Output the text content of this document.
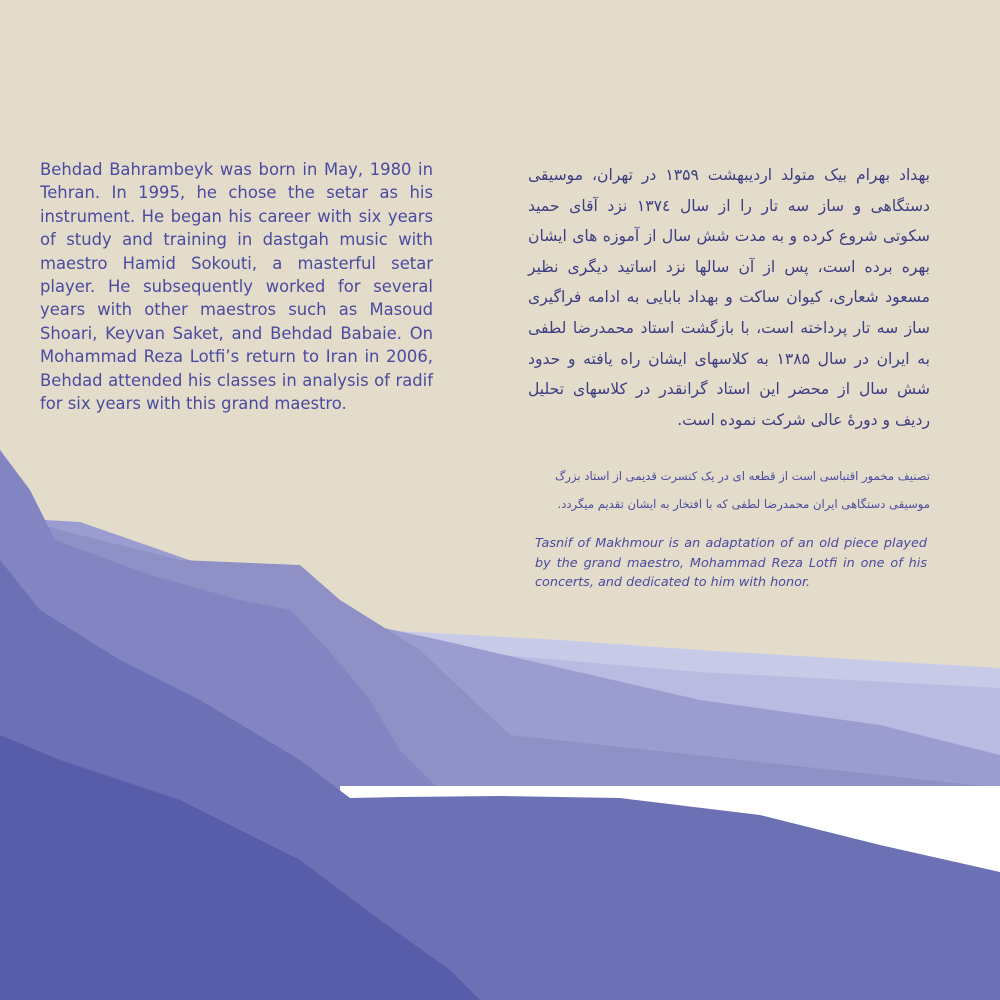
Behdad Bahrambeyk was born in May, 1980 in Tehran. In 1995, he chose the setar as his instrument. He began his career with six years of study and training in dastgah music with maestro Hamid Sokouti, a masterful setar player. He subsequently worked for several years with other maestros such as Masoud Shoari, Keyvan Saket, and Behdad Babaie. On Mohammad Reza Lotfi’s return to Iran in 2006, Behdad attended his classes in analysis of radif for six years with this grand maestro.

بهداد بهرام بیک متولد اردیبهشت ۱۳۵۹ در تهران، موسیقی دستگاهی و ساز سه تار را از سال ۱۳۷٤ نزد آقای حمید سکوتی شروع کرده و به مدت شش سال از آموزه های ایشان بهره برده است، پس از آن سالها نزد اساتید دیگری نظیر مسعود شعاری، کیوان ساکت و بهداد بابایی به ادامه فراگیری ساز سه تار پرداخته است، با بازگشت استاد محمدرضا لطفی به ایران در سال ۱۳۸۵ به کلاسهای ایشان راه یافته و حدود شش سال از محضر این استاد گرانقدر در کلاسهای تحلیل ردیف و دورهٔ عالی شرکت نموده است.

تصنیف مخمور اقتباسی است از قطعه ای در یک کنسرت قدیمی از استاد بزرگ
موسیقی دستگاهی ایران محمدرضا لطفی که با افتخار به ایشان تقدیم میگردد.

Tasnif of Makhmour is an adaptation of an old piece played by the grand maestro, Mohammad Reza Lotfi in one of his concerts, and dedicated to him with honor.
